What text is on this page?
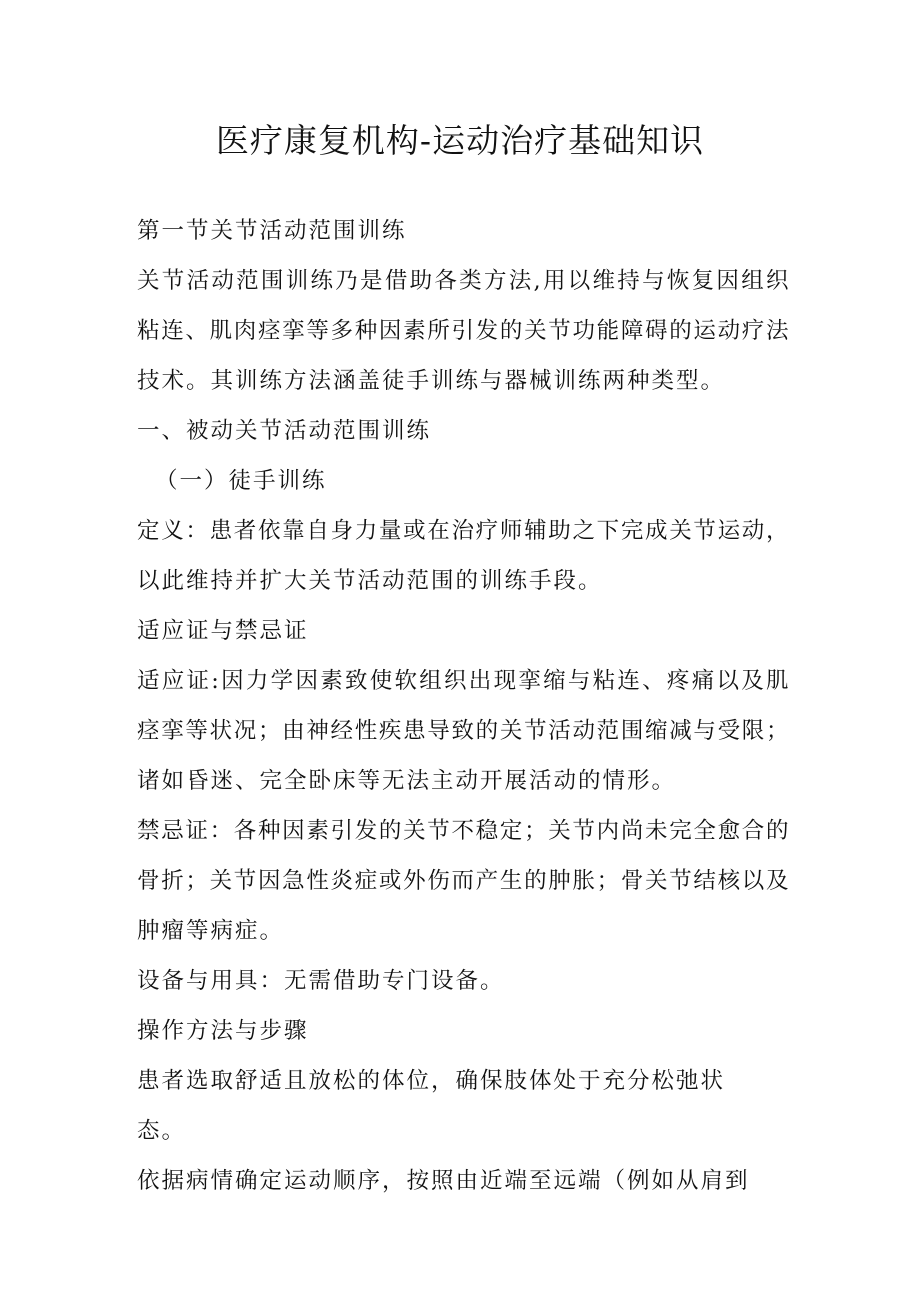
医疗康复机构-运动治疗基础知识
第一节关节活动范围训练
关节活动范围训练乃是借助各类方法,用以维持与恢复因组织
粘连、肌肉痉挛等多种因素所引发的关节功能障碍的运动疗法
技术。其训练方法涵盖徒手训练与器械训练两种类型。
一、被动关节活动范围训练
（一）徒手训练
定义：患者依靠自身力量或在治疗师辅助之下完成关节运动，
以此维持并扩大关节活动范围的训练手段。
适应证与禁忌证
适应证:因力学因素致使软组织出现挛缩与粘连、疼痛以及肌
痉挛等状况；由神经性疾患导致的关节活动范围缩减与受限；
诸如昏迷、完全卧床等无法主动开展活动的情形。
禁忌证：各种因素引发的关节不稳定；关节内尚未完全愈合的
骨折；关节因急性炎症或外伤而产生的肿胀；骨关节结核以及
肿瘤等病症。
设备与用具：无需借助专门设备。
操作方法与步骤
患者选取舒适且放松的体位，确保肢体处于充分松弛状
态。
依据病情确定运动顺序，按照由近端至远端（例如从肩到
